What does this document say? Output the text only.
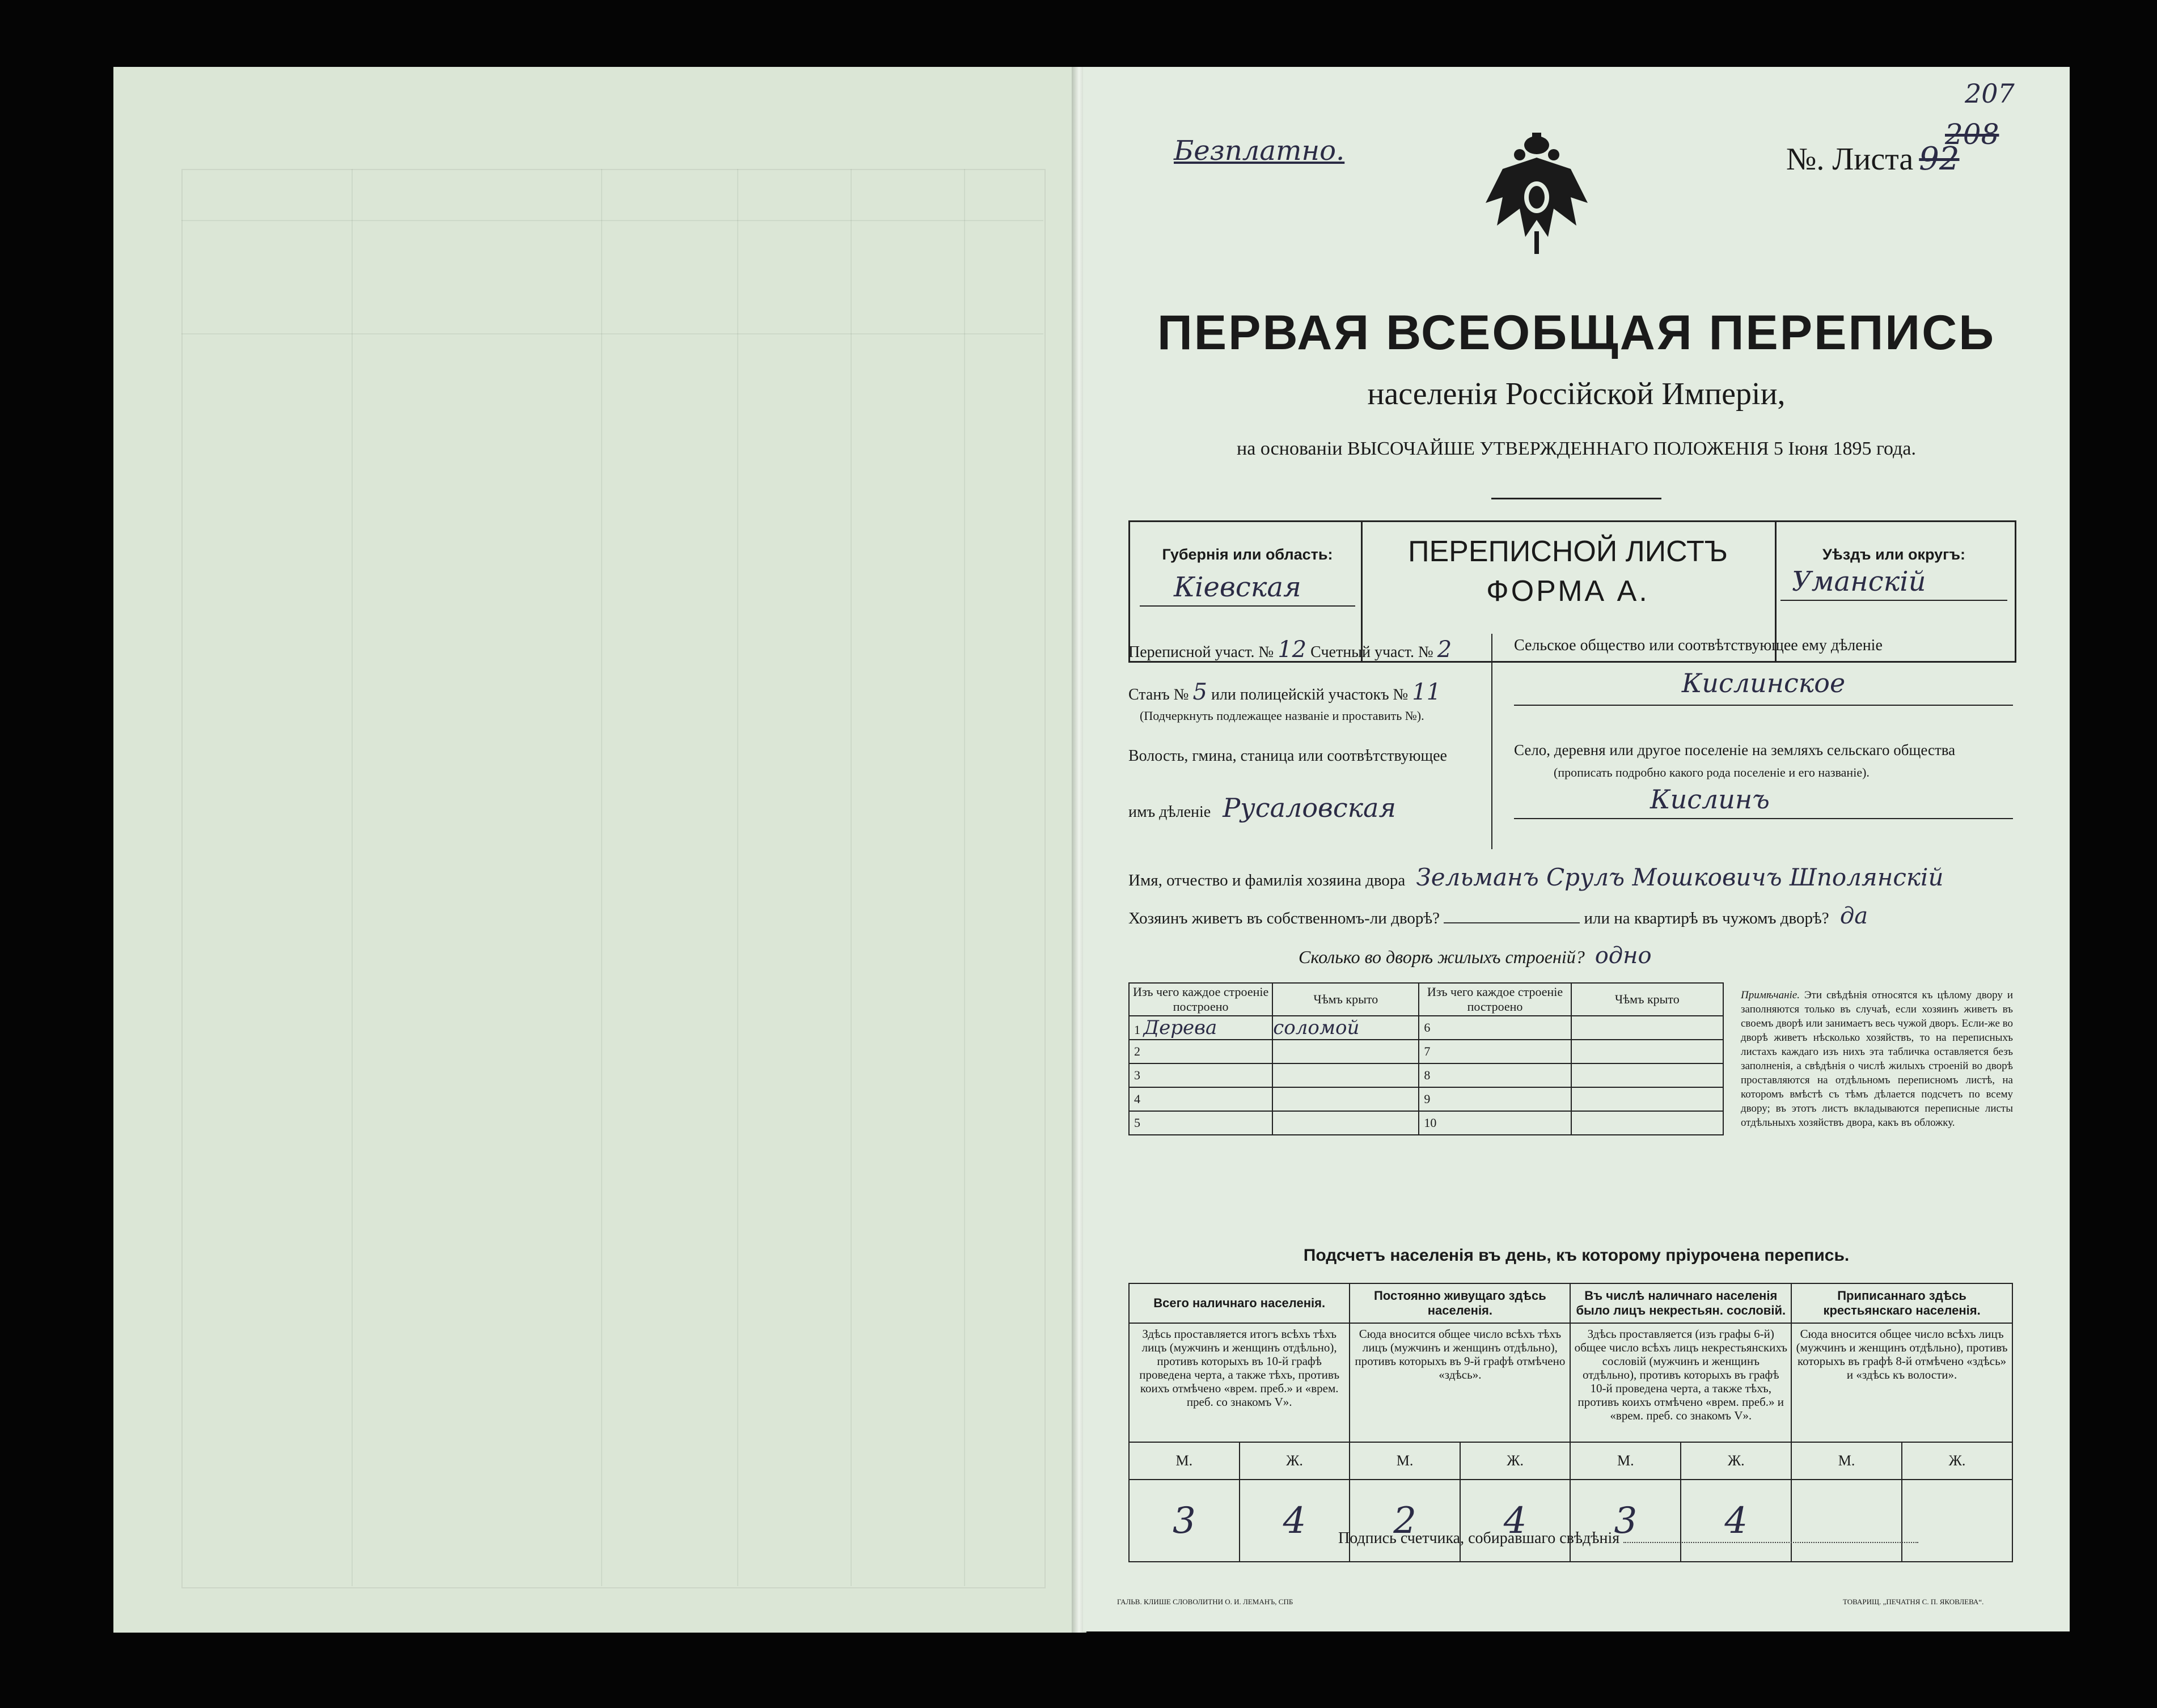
Безплатно.	№. Листа 92
207
208
ПЕРВАЯ ВСЕОБЩАЯ ПЕРЕПИСЬ
населенія Россійской Имперіи,
на основаніи ВЫСОЧАЙШЕ УТВЕРЖДЕННАГО ПОЛОЖЕНІЯ 5 Іюня 1895 года.
Губернія или область:
Кіевская
ПЕРЕПИСНОЙ ЛИСТЪ
ФОРМА А.
Уѣздъ или округъ:
Уманскій
Переписной участ. № 12 Счетный участ. № 2
Станъ № 5 или полицейскій участокъ № 11
(Подчеркнуть подлежащее названіе и проставить №).
Волость, гмина, станица или соотвѣтствующее
имъ дѣленіе Русаловская
Сельское общество или соотвѣтствующее ему дѣленіе
Кислинское
Село, деревня или другое поселеніе на земляхъ сельскаго общества
(прописать подробно какого рода поселеніе и его названіе).
Кислинъ
Имя, отчество и фамилія хозяина двора Зельманъ Срулъ Мошковичъ Шполянскій
Хозяинъ живетъ въ собственномъ-ли дворѣ?	или на квартирѣ въ чужомъ дворѣ? да
Сколько во дворѣ жилыхъ строеній? одно
Изъ чего каждое строеніе построено	Чѣмъ крыто	Изъ чего каждое строеніе построено	Чѣмъ крыто
1 Дерева	соломой	6	
2		7	
3		8	
4		9	
5		10	
Примѣчаніе. Эти свѣдѣнія относятся къ цѣлому двору и заполняются только въ случаѣ, если хозяинъ живетъ въ своемъ дворѣ или занимаетъ весь чужой дворъ. Если-же во дворѣ живетъ нѣсколько хозяйствъ, то на переписныхъ листахъ каждаго изъ нихъ эта табличка оставляется безъ заполненія, а свѣдѣнія о числѣ жилыхъ строеній во дворѣ проставляются на отдѣльномъ переписномъ листѣ, на которомъ вмѣстѣ съ тѣмъ дѣлается подсчетъ по всему двору; въ этотъ листъ вкладываются переписные листы отдѣльныхъ хозяйствъ двора, какъ въ обложку.
Подсчетъ населенія въ день, къ которому пріурочена перепись.
Всего наличнаго населенія.		Постоянно живущаго здѣсь населенія.		Въ числѣ наличнаго населенія было лицъ некрестьян. сословій.		Приписаннаго здѣсь крестьянскаго населенія.	
Здѣсь проставляется итогъ всѣхъ тѣхъ лицъ (мужчинъ и женщинъ отдѣльно), противъ которыхъ въ 10-й графѣ проведена черта, а также тѣхъ, противъ коихъ отмѣчено «врем. преб.» и «врем. преб. со знакомъ V».		Сюда вносится общее число всѣхъ тѣхъ лицъ (мужчинъ и женщинъ отдѣльно), противъ которыхъ въ 9-й графѣ отмѣчено «здѣсь».		Здѣсь проставляется (изъ графы 6-й) общее число всѣхъ лицъ некрестьянскихъ сословій (мужчинъ и женщинъ отдѣльно), противъ которыхъ въ графѣ 10-й проведена черта, а также тѣхъ, противъ коихъ отмѣчено «врем. преб.» и «врем. преб. со знакомъ V».		Сюда вносится общее число всѣхъ лицъ (мужчинъ и женщинъ отдѣльно), противъ которыхъ въ графѣ 8-й отмѣчено «здѣсь» и «здѣсь къ волости».	
М.	Ж.	М.	Ж.	М.	Ж.	М.	Ж.
3	4	2	4	3	4		
Подпись счетчика, собиравшаго свѣдѣнія
ГАЛЬВ. КЛИШЕ СЛОВОЛИТНИ О. И. ЛЕМАНЪ, СПБ	ТОВАРИЩ. „ПЕЧАТНЯ С. П. ЯКОВЛЕВА“.
